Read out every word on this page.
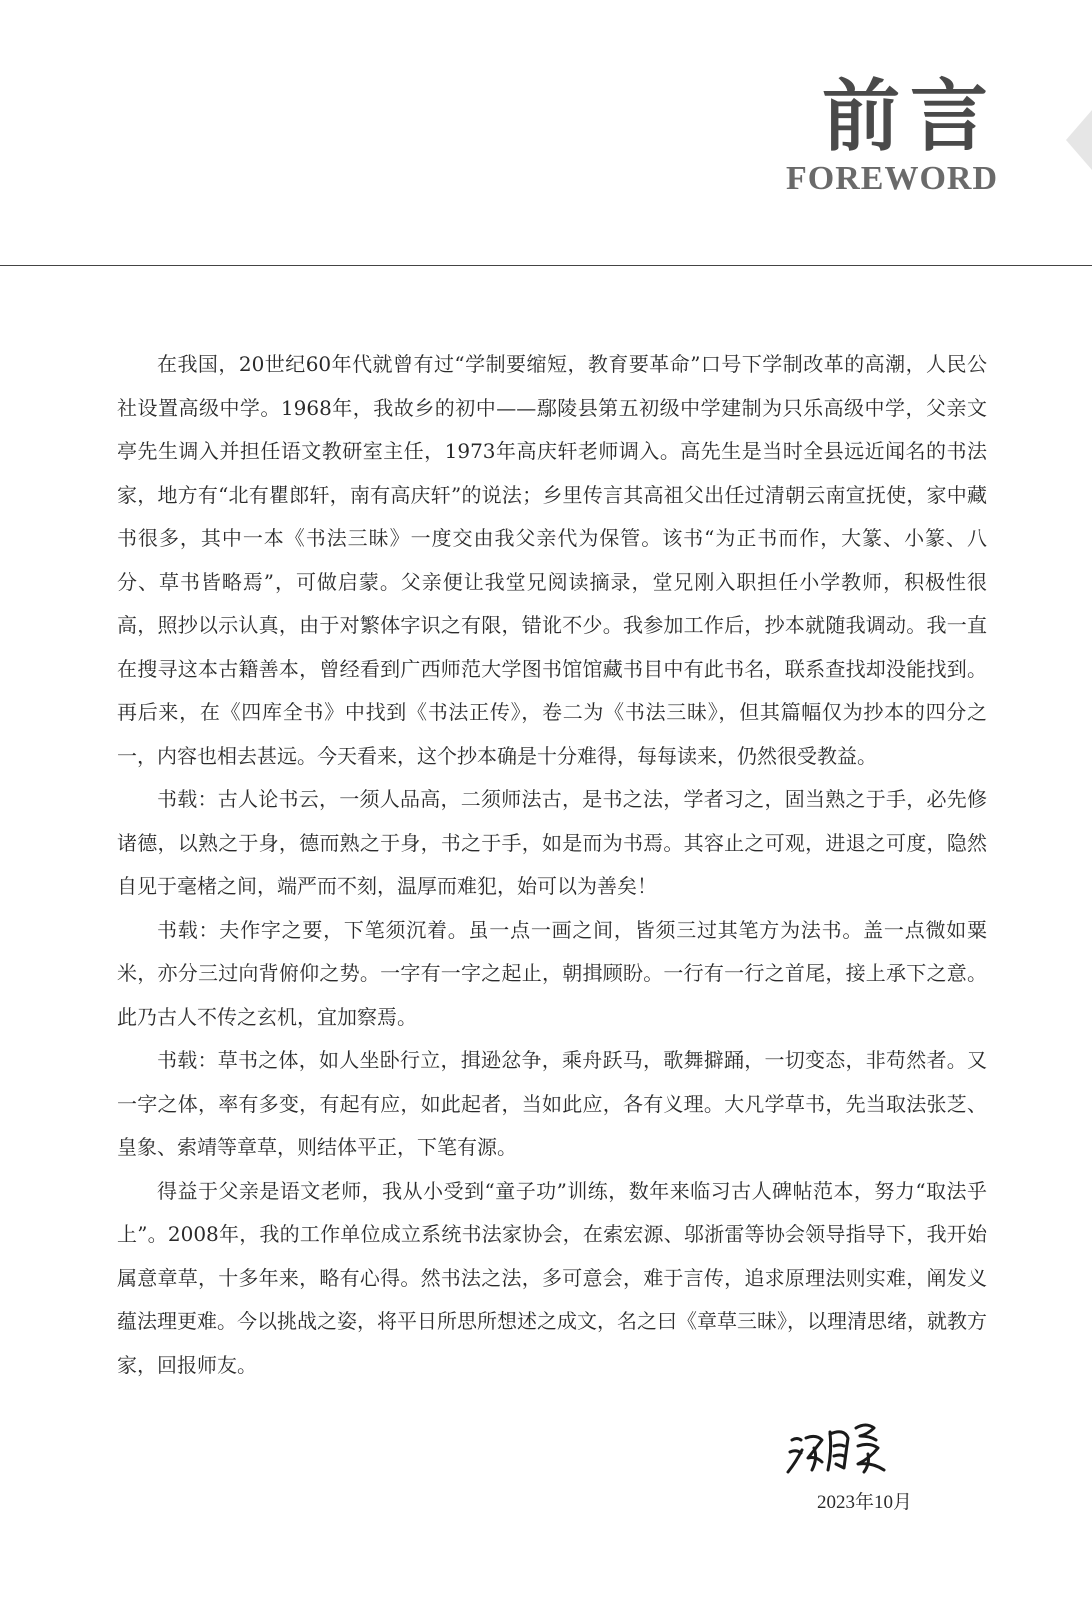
前言
FOREWORD

在我国，20世纪60年代就曾有过“学制要缩短，教育要革命”口号下学制改革的高潮，人民公社设置高级中学。1968年，我故乡的初中——鄢陵县第五初级中学建制为只乐高级中学，父亲文亭先生调入并担任语文教研室主任，1973年高庆轩老师调入。高先生是当时全县远近闻名的书法家，地方有“北有瞿郎轩，南有高庆轩”的说法；乡里传言其高祖父出任过清朝云南宣抚使，家中藏书很多，其中一本《书法三昧》一度交由我父亲代为保管。该书“为正书而作，大篆、小篆、八分、草书皆略焉”，可做启蒙。父亲便让我堂兄阅读摘录，堂兄刚入职担任小学教师，积极性很高，照抄以示认真，由于对繁体字识之有限，错讹不少。我参加工作后，抄本就随我调动。我一直在搜寻这本古籍善本，曾经看到广西师范大学图书馆馆藏书目中有此书名，联系查找却没能找到。再后来，在《四库全书》中找到《书法正传》，卷二为《书法三昧》，但其篇幅仅为抄本的四分之一，内容也相去甚远。今天看来，这个抄本确是十分难得，每每读来，仍然很受教益。

书载：古人论书云，一须人品高，二须师法古，是书之法，学者习之，固当熟之于手，必先修诸德，以熟之于身，德而熟之于身，书之于手，如是而为书焉。其容止之可观，进退之可度，隐然自见于毫楮之间，端严而不刻，温厚而难犯，始可以为善矣！

书载：夫作字之要，下笔须沉着。虽一点一画之间，皆须三过其笔方为法书。盖一点微如粟米，亦分三过向背俯仰之势。一字有一字之起止，朝揖顾盼。一行有一行之首尾，接上承下之意。此乃古人不传之玄机，宜加察焉。

书载：草书之体，如人坐卧行立，揖逊忿争，乘舟跃马，歌舞擗踊，一切变态，非苟然者。又一字之体，率有多变，有起有应，如此起者，当如此应，各有义理。大凡学草书，先当取法张芝、皇象、索靖等章草，则结体平正，下笔有源。

得益于父亲是语文老师，我从小受到“童子功”训练，数年来临习古人碑帖范本，努力“取法乎上”。2008年，我的工作单位成立系统书法家协会，在索宏源、邬浙雷等协会领导指导下，我开始属意章草，十多年来，略有心得。然书法之法，多可意会，难于言传，追求原理法则实难，阐发义蕴法理更难。今以挑战之姿，将平日所思所想述之成文，名之曰《章草三昧》，以理清思绪，就教方家，回报师友。

2023年10月
